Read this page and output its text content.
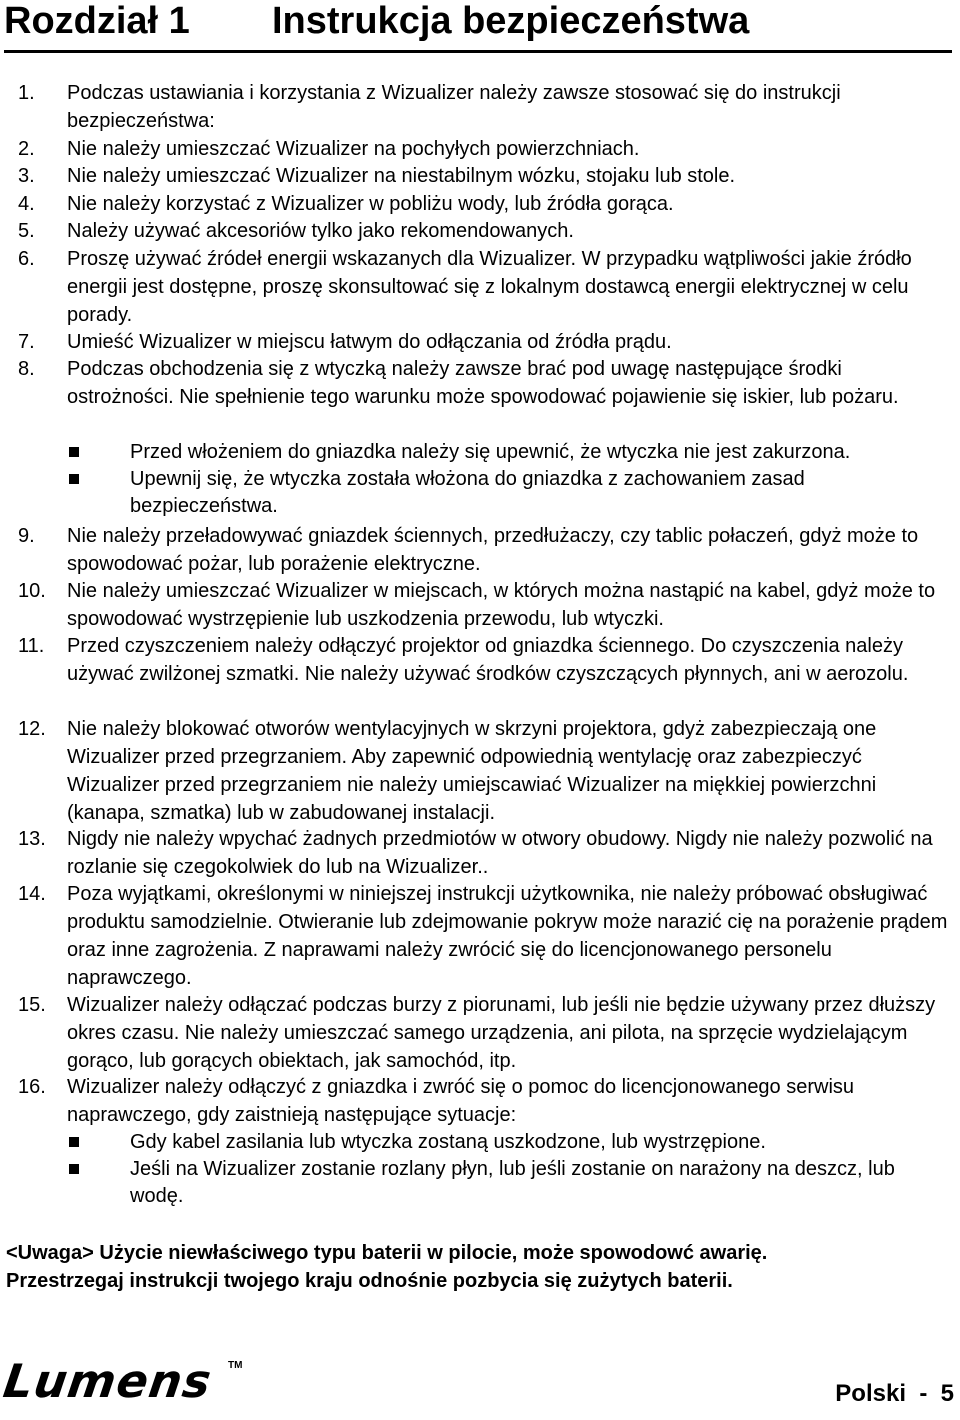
Rozdział 1 Instrukcja bezpieczeństwa
1. Podczas ustawiania i korzystania z Wizualizer należy zawsze stosować się do instrukcji bezpieczeństwa:
2. Nie należy umieszczać Wizualizer na pochyłych powierzchniach.
3. Nie należy umieszczać Wizualizer na niestabilnym wózku, stojaku lub stole.
4. Nie należy korzystać z Wizualizer w pobliżu wody, lub źródła gorąca.
5. Należy używać akcesoriów tylko jako rekomendowanych.
6. Proszę używać źródeł energii wskazanych dla Wizualizer. W przypadku wątpliwości jakie źródło energii jest dostępne, proszę skonsultować się z lokalnym dostawcą energii elektrycznej w celu porady.
7. Umieść Wizualizer w miejscu łatwym do odłączania od źródła prądu.
8. Podczas obchodzenia się z wtyczką należy zawsze brać pod uwagę następujące środki ostrożności. Nie spełnienie tego warunku może spowodować pojawienie się iskier, lub pożaru.
Przed włożeniem do gniazdka należy się upewnić, że wtyczka nie jest zakurzona.
Upewnij się, że wtyczka została włożona do gniazdka z zachowaniem zasad bezpieczeństwa.
9. Nie należy przeładowywać gniazdek ściennych, przedłużaczy, czy tablic połaczeń, gdyż może to spowodować pożar, lub porażenie elektryczne.
10. Nie należy umieszczać Wizualizer w miejscach, w których można nastąpić na kabel, gdyż może to spowodować wystrzępienie lub uszkodzenia przewodu, lub wtyczki.
11. Przed czyszczeniem należy odłączyć projektor od gniazdka ściennego. Do czyszczenia należy używać zwilżonej szmatki. Nie należy używać środków czyszczących płynnych, ani w aerozolu.
12. Nie należy blokować otworów wentylacyjnych w skrzyni projektora, gdyż zabezpieczają one Wizualizer przed przegrzaniem. Aby zapewnić odpowiednią wentylację oraz zabezpieczyć Wizualizer przed przegrzaniem nie należy umiejscawiać Wizualizer na miękkiej powierzchni (kanapa, szmatka) lub w zabudowanej instalacji.
13. Nigdy nie należy wpychać żadnych przedmiotów w otwory obudowy. Nigdy nie należy pozwolić na rozlanie się czegokolwiek do lub na Wizualizer..
14. Poza wyjątkami, określonymi w niniejszej instrukcji użytkownika, nie należy próbować obsługiwać produktu samodzielnie. Otwieranie lub zdejmowanie pokryw może narazić cię na porażenie prądem oraz inne zagrożenia. Z naprawami należy zwrócić się do licencjonowanego personelu naprawczego.
15. Wizualizer należy odłączać podczas burzy z piorunami, lub jeśli nie będzie używany przez dłuższy okres czasu. Nie należy umieszczać samego urządzenia, ani pilota, na sprzęcie wydzielającym gorąco, lub gorących obiektach, jak samochód, itp.
16. Wizualizer należy odłączyć z gniazdka i zwróć się o pomoc do licencjonowanego serwisu naprawczego, gdy zaistnieją następujące sytuacje:
Gdy kabel zasilania lub wtyczka zostaną uszkodzone, lub wystrzępione.
Jeśli na Wizualizer zostanie rozlany płyn, lub jeśli zostanie on narażony na deszcz, lub wodę.
<Uwaga> Użycie niewłaściwego typu baterii w pilocie, może spowodowć awarię.
Przestrzegaj instrukcji twojego kraju odnośnie pozbycia się zużytych baterii.
Lumens TM
Polski  -  5
